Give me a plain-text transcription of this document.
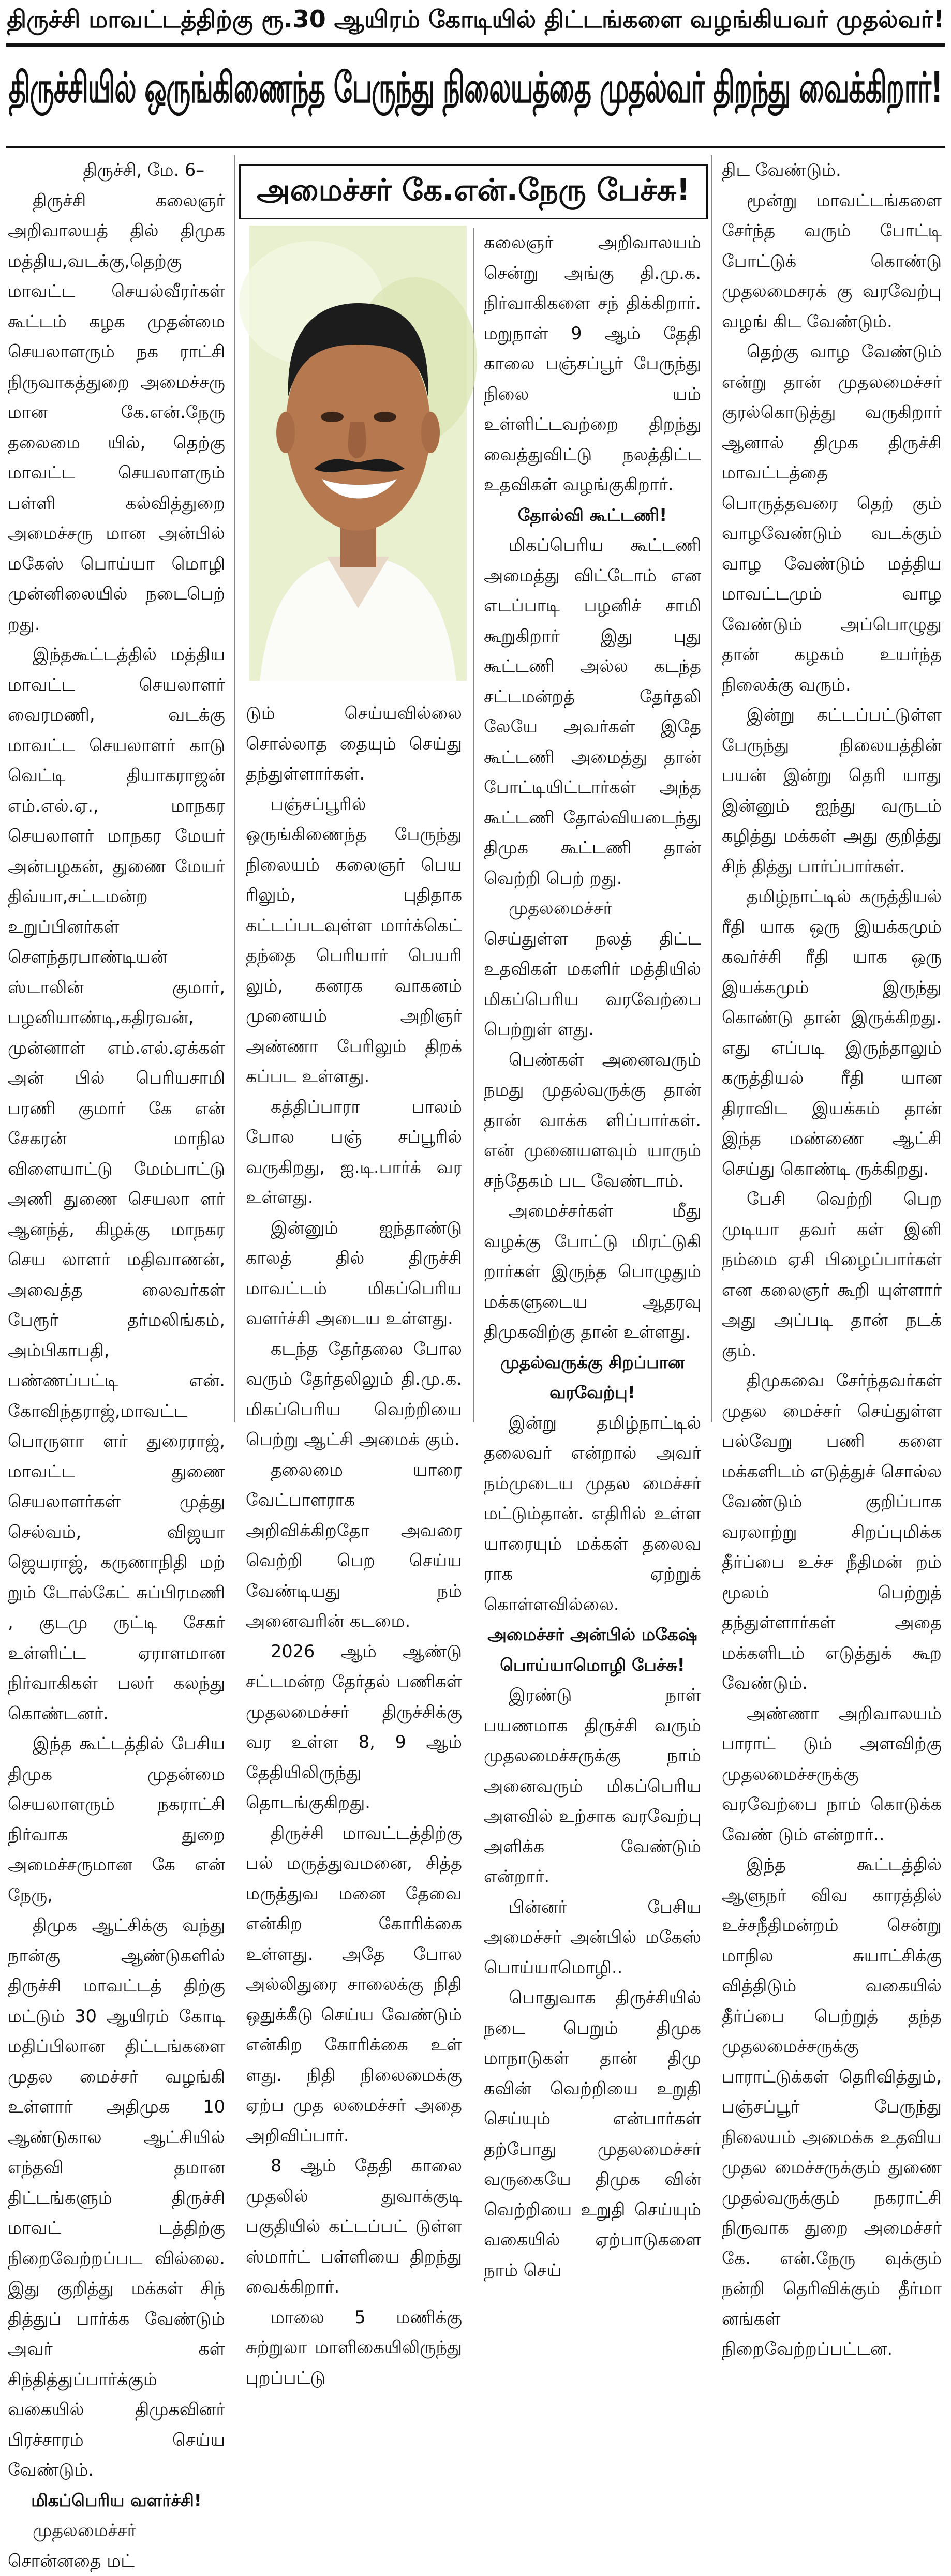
திருச்சி மாவட்டத்திற்கு ரூ.30 ஆயிரம் கோடியில் திட்டங்களை வழங்கியவர் முதல்வர்!
திருச்சியில் ஒருங்கிணைந்த பேருந்து நிலையத்தை முதல்வர் திறந்து வைக்கிறார்!

திருச்சி, மே. 6–

திருச்சி கலைஞர் அறிவாலயத் தில் திமுக மத்திய,வடக்கு,தெற்கு மாவட்ட செயல்வீரர்கள் கூட்டம் கழக முதன்மை செயலாளரும் நக ராட்சி நிருவாகத்துறை அமைச்சரு மான கே.என்.நேரு தலைமை யில், தெற்கு மாவட்ட செயலாளரும் பள்ளி கல்வித்துறை அமைச்சரு மான அன்பில் மகேஸ் பொய்யா மொழி முன்னிலையில் நடைபெற் றது.

இந்தகூட்டத்தில் மத்திய மாவட்ட செயலாளர் வைரமணி, வடக்கு மாவட்ட செயலாளர் காடு வெட்டி தியாகராஜன் எம்.எல்.ஏ., மாநகர செயலாளர் மாநகர மேயர் அன்பழகன், துணை மேயர் திவ்யா,சட்டமன்ற உறுப்பினர்கள் சௌந்தரபாண்டியன் ஸ்டாலின் குமார், பழனியாண்டி,கதிரவன், முன்னாள் எம்.எல்.ஏக்கள் அன் பில் பெரியசாமி பரணி குமார் கே என் சேகரன் மாநில விளையாட்டு மேம்பாட்டு அணி துணை செயலா ளர் ஆனந்த், கிழக்கு மாநகர செய லாளர் மதிவாணன், அவைத்த லைவர்கள் பேரூர் தர்மலிங்கம், அம்பிகாபதி, பண்ணப்பட்டி என். கோவிந்தராஜ்,மாவட்ட பொருளா ளர் துரைராஜ், மாவட்ட துணை செயலாளர்கள் முத்து செல்வம், விஜயா ஜெயராஜ், கருணாநிதி மற் றும் டோல்கேட் சுப்பிரமணி , குடமு ருட்டி சேகர் உள்ளிட்ட ஏராளமான நிர்வாகிகள் பலர் கலந்து கொண்டனர்.

இந்த கூட்டத்தில் பேசிய திமுக முதன்மை செயலாளரும் நகராட்சி நிர்வாக துறை அமைச்சருமான கே என் நேரு,

திமுக ஆட்சிக்கு வந்து நான்கு ஆண்டுகளில் திருச்சி மாவட்டத் திற்கு மட்டும் 30 ஆயிரம் கோடி மதிப்பிலான திட்டங்களை முதல மைச்சர் வழங்கி உள்ளார் அதிமுக 10 ஆண்டுகால ஆட்சியில் எந்தவி தமான திட்டங்களும் திருச்சி மாவட் டத்திற்கு நிறைவேற்றப்பட வில்லை. இது குறித்து மக்கள் சிந் தித்துப் பார்க்க வேண்டும் அவர் கள் சிந்தித்துப்பார்க்கும் வகையில் திமுகவினர் பிரச்சாரம் செய்ய வேண்டும்.

மிகப்பெரிய வளர்ச்சி!

முதலமைச்சர் சொன்னதை மட்

அமைச்சர் கே.என்.நேரு பேச்சு!

டும் செய்யவில்லை சொல்லாத தையும் செய்து தந்துள்ளார்கள்.

பஞ்சப்பூரில் ஒருங்கிணைந்த பேருந்து நிலையம் கலைஞர் பெய ரிலும், புதிதாக கட்டப்படவுள்ள மார்க்கெட் தந்தை பெரியார் பெயரி லும், கனரக வாகனம் முனையம் அறிஞர் அண்ணா பேரிலும் திறக் கப்பட உள்ளது.

கத்திப்பாரா பாலம் போல பஞ் சப்பூரில் வருகிறது, ஐ.டி.பார்க் வர உள்ளது.

இன்னும் ஐந்தாண்டு காலத் தில் திருச்சி மாவட்டம் மிகப்பெரிய வளர்ச்சி அடைய உள்ளது.

கடந்த தேர்தலை போல வரும் தேர்தலிலும் தி.மு.க. மிகப்பெரிய வெற்றியை பெற்று ஆட்சி அமைக் கும்.

தலைமை யாரை வேட்பாளராக அறிவிக்கிறதோ அவரை வெற்றி பெற செய்ய வேண்டியது நம் அனைவரின் கடமை.

2026 ஆம் ஆண்டு சட்டமன்ற தேர்தல் பணிகள் முதலமைச்சர் திருச்சிக்கு வர உள்ள 8, 9 ஆம் தேதியிலிருந்து தொடங்குகிறது.

திருச்சி மாவட்டத்திற்கு பல் மருத்துவமனை, சித்த மருத்துவ மனை தேவை என்கிற கோரிக்கை உள்ளது. அதே போல அல்லிதுரை சாலைக்கு நிதி ஒதுக்கீடு செய்ய வேண்டும் என்கிற கோரிக்கை உள் ளது. நிதி நிலைமைக்கு ஏற்ப முத லமைச்சர் அதை அறிவிப்பார்.

8 ஆம் தேதி காலை முதலில் துவாக்குடி பகுதியில் கட்டப்பட் டுள்ள ஸ்மார்ட் பள்ளியை திறந்து வைக்கிறார்.

மாலை 5 மணிக்கு சுற்றுலா மாளிகையிலிருந்து புறப்பட்டு

கலைஞர் அறிவாலயம் சென்று அங்கு தி.மு.க. நிர்வாகிகளை சந் திக்கிறார். மறுநாள் 9 ஆம் தேதி காலை பஞ்சப்பூர் பேருந்து நிலை யம் உள்ளிட்டவற்றை திறந்து வைத்துவிட்டு நலத்திட்ட உதவிகள் வழங்குகிறார்.

தோல்வி கூட்டணி!

மிகப்பெரிய கூட்டணி அமைத்து விட்டோம் என எடப்பாடி பழனிச் சாமி கூறுகிறார் இது புது கூட்டணி அல்ல கடந்த சட்டமன்றத் தேர்தலி லேயே அவர்கள் இதே கூட்டணி அமைத்து தான் போட்டியிட்டார்கள் அந்த கூட்டணி தோல்வியடைந்து திமுக கூட்டணி தான் வெற்றி பெற் றது.

முதலமைச்சர் செய்துள்ள நலத் திட்ட உதவிகள் மகளிர் மத்தியில் மிகப்பெரிய வரவேற்பை பெற்றுள் ளது.

பெண்கள் அனைவரும் நமது முதல்வருக்கு தான் தான் வாக்க ளிப்பார்கள். என் முனையளவும் யாரும் சந்தேகம் பட வேண்டாம்.

அமைச்சர்கள் மீது வழக்கு போட்டு மிரட்டுகி றார்கள் இருந்த பொழுதும் மக்களுடைய ஆதரவு திமுகவிற்கு தான் உள்ளது.

முதல்வருக்கு சிறப்பான

வரவேற்பு!

இன்று தமிழ்நாட்டில் தலைவர் என்றால் அவர் நம்முடைய முதல மைச்சர் மட்டும்தான். எதிரில் உள்ள யாரையும் மக்கள் தலைவ ராக ஏற்றுக் கொள்ளவில்லை.

அமைச்சர் அன்பில் மகேஷ்

பொய்யாமொழி பேச்சு!

இரண்டு நாள் பயணமாக திருச்சி வரும் முதலமைச்சருக்கு நாம் அனைவரும் மிகப்பெரிய அளவில் உற்சாக வரவேற்பு அளிக்க வேண்டும் என்றார்.

பின்னர் பேசிய அமைச்சர் அன்பில் மகேஸ் பொய்யாமொழி..

பொதுவாக திருச்சியில் நடை பெறும் திமுக மாநாடுகள் தான் திமு கவின் வெற்றியை உறுதி செய்யும் என்பார்கள் தற்போது முதலமைச்சர் வருகையே திமுக வின் வெற்றியை உறுதி செய்யும் வகையில் ஏற்பாடுகளை நாம் செய்

திட வேண்டும்.

மூன்று மாவட்டங்களை சேர்ந்த வரும் போட்டி போட்டுக் கொண்டு முதலமைசரக் கு வரவேற்பு வழங் கிட வேண்டும்.

தெற்கு வாழ வேண்டும் என்று தான் முதலமைச்சர் குரல்கொடுத்து வருகிறார் ஆனால் திமுக திருச்சி மாவட்டத்தை பொருத்தவரை தெற் கும் வாழவேண்டும் வடக்கும் வாழ வேண்டும் மத்திய மாவட்டமும் வாழ வேண்டும் அப்பொழுது தான் கழகம் உயர்ந்த நிலைக்கு வரும்.

இன்று கட்டப்பட்டுள்ள பேருந்து நிலையத்தின் பயன் இன்று தெரி யாது இன்னும் ஐந்து வருடம் கழித்து மக்கள் அது குறித்து சிந் தித்து பார்ப்பார்கள்.

தமிழ்நாட்டில் கருத்தியல் ரீதி யாக ஒரு இயக்கமும் கவர்ச்சி ரீதி யாக ஒரு இயக்கமும் இருந்து கொண்டு தான் இருக்கிறது. எது எப்படி இருந்தாலும் கருத்தியல் ரீதி யான திராவிட இயக்கம் தான் இந்த மண்ணை ஆட்சி செய்து கொண்டி ருக்கிறது.

பேசி வெற்றி பெற முடியா தவர் கள் இனி நம்மை ஏசி பிழைப்பார்கள் என கலைஞர் கூறி யுள்ளார் அது அப்படி தான் நடக் கும்.

திமுகவை சேர்ந்தவர்கள் முதல மைச்சர் செய்துள்ள பல்வேறு பணி களை மக்களிடம் எடுத்துச் சொல்ல வேண்டும் குறிப்பாக வரலாற்று சிறப்புமிக்க தீர்ப்பை உச்ச நீதிமன் றம் மூலம் பெற்றுத் தந்துள்ளார்கள் அதை மக்களிடம் எடுத்துக் கூற வேண்டும்.

அண்ணா அறிவாலயம் பாராட் டும் அளவிற்கு முதலமைச்சருக்கு வரவேற்பை நாம் கொடுக்க வேண் டும் என்றார்..

இந்த கூட்டத்தில் ஆளுநர் விவ காரத்தில் உச்சநீதிமன்றம் சென்று மாநில சுயாட்சிக்கு வித்திடும் வகையில் தீர்ப்பை பெற்றுத் தந்த முதலமைச்சருக்கு பாராட்டுக்கள் தெரிவித்தும், பஞ்சப்பூர் பேருந்து நிலையம் அமைக்க உதவிய முதல மைச்சருக்கும் துணை முதல்வருக்கும் நகராட்சி நிருவாக துறை அமைச்சர் கே. என்.நேரு வுக்கும் நன்றி தெரிவிக்கும் தீர்மா னங்கள் நிறைவேற்றப்பட்டன.
